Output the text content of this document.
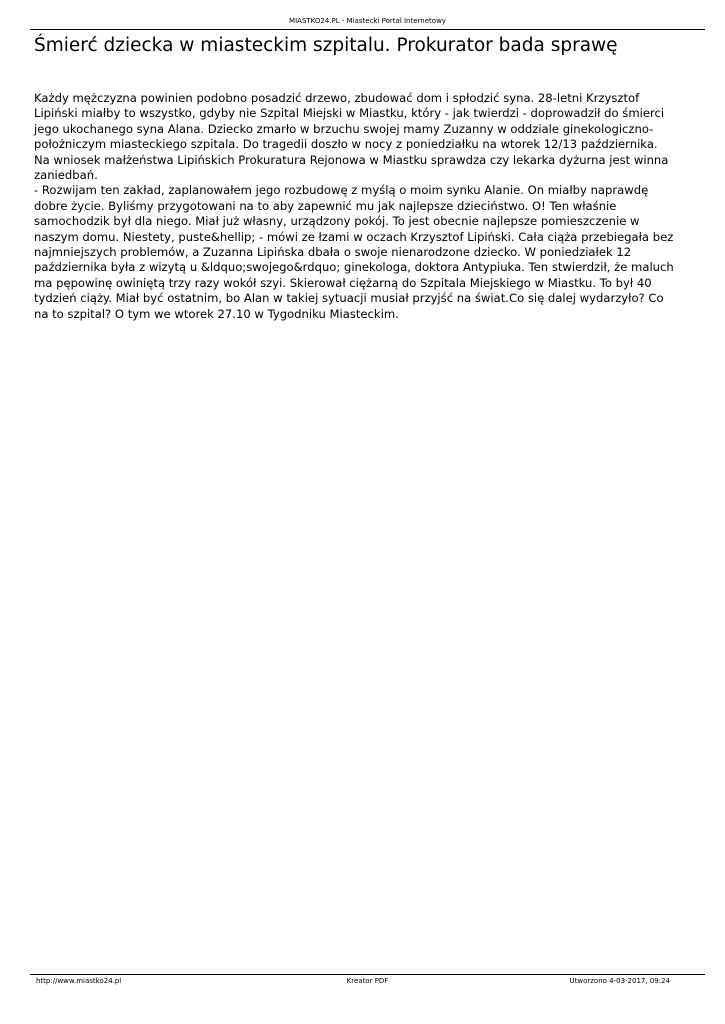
MIASTKO24.PL - Miastecki Portal Internetowy
Śmierć dziecka w miasteckim szpitalu. Prokurator bada sprawę

Każdy mężczyzna powinien podobno posadzić drzewo, zbudować dom i spłodzić syna. 28-letni Krzysztof Lipiński miałby to wszystko, gdyby nie Szpital Miejski w Miastku, który - jak twierdzi - doprowadził do śmierci jego ukochanego syna Alana. Dziecko zmarło w brzuchu swojej mamy Zuzanny w oddziale ginekologiczno-położniczym miasteckiego szpitala. Do tragedii doszło w nocy z poniedziałku na wtorek 12/13 października. Na wniosek małżeństwa Lipińskich Prokuratura Rejonowa w Miastku sprawdza czy lekarka dyżurna jest winna zaniedbań.

- Rozwijam ten zakład, zaplanowałem jego rozbudowę z myślą o moim synku Alanie. On miałby naprawdę dobre życie. Byliśmy przygotowani na to aby zapewnić mu jak najlepsze dzieciństwo. O! Ten właśnie samochodzik był dla niego. Miał już własny, urządzony pokój. To jest obecnie najlepsze pomieszczenie w naszym domu. Niestety, puste&hellip; - mówi ze łzami w oczach Krzysztof Lipiński. Cała ciąża przebiegała bez najmniejszych problemów, a Zuzanna Lipińska dbała o swoje nienarodzone dziecko. W poniedziałek 12 października była z wizytą u &ldquo;swojego&rdquo; ginekologa, doktora Antypiuka. Ten stwierdził, że maluch ma pępowinę owiniętą trzy razy wokół szyi. Skierował ciężarną do Szpitala Miejskiego w Miastku. To był 40 tydzień ciąży. Miał być ostatnim, bo Alan w takiej sytuacji musiał przyjść na świat.Co się dalej wydarzyło? Co na to szpital? O tym we wtorek 27.10 w Tygodniku Miasteckim.

http://www.miastko24.pl	Kreator PDF	Utworzono 4-03-2017, 09:24
